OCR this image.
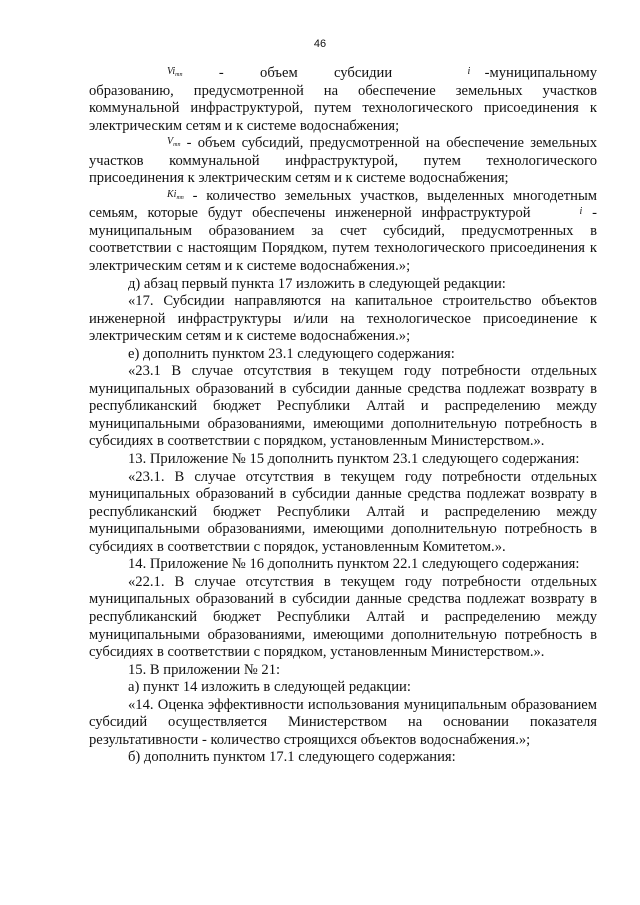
46

$Vi_{тп}$ - объем субсидии	i -муниципальному образованию, предусмотренной на обеспечение земельных участков коммунальной инфраструктурой, путем технологического присоединения к электрическим сетям и к системе водоснабжения;

$V_{тп}$ - объем субсидий, предусмотренной на обеспечение земельных участков коммунальной инфраструктурой, путем технологического присоединения к электрическим сетям и к системе водоснабжения;

$Ki_{тп}$ - количество земельных участков, выделенных многодетным семьям, которые будут обеспечены инженерной инфраструктурой	i - муниципальным образованием за счет субсидий, предусмотренных в соответствии с настоящим Порядком, путем технологического присоединения к электрическим сетям и к системе водоснабжения.»;

д) абзац первый пункта 17 изложить в следующей редакции:

«17. Субсидии направляются на капитальное строительство объектов инженерной инфраструктуры и/или на технологическое присоединение к электрическим сетям и к системе водоснабжения.»;

е) дополнить пунктом 23.1 следующего содержания:

«23.1 В случае отсутствия в текущем году потребности отдельных муниципальных образований в субсидии данные средства подлежат возврату в республиканский бюджет Республики Алтай и распределению между муниципальными образованиями, имеющими дополнительную потребность в субсидиях в соответствии с порядком, установленным Министерством.».

13. Приложение № 15 дополнить пунктом 23.1 следующего содержания:

«23.1. В случае отсутствия в текущем году потребности отдельных муниципальных образований в субсидии данные средства подлежат возврату в республиканский бюджет Республики Алтай и распределению между муниципальными образованиями, имеющими дополнительную потребность в субсидиях в соответствии с порядок, установленным Комитетом.».

14. Приложение № 16 дополнить пунктом 22.1 следующего содержания:

«22.1. В случае отсутствия в текущем году потребности отдельных муниципальных образований в субсидии данные средства подлежат возврату в республиканский бюджет Республики Алтай и распределению между муниципальными образованиями, имеющими дополнительную потребность в субсидиях в соответствии с порядком, установленным Министерством.».

15. В приложении № 21:

а) пункт 14 изложить в следующей редакции:

«14. Оценка эффективности использования муниципальным образованием субсидий осуществляется Министерством на основании показателя результативности - количество строящихся объектов водоснабжения.»;

б) дополнить пунктом 17.1 следующего содержания:
